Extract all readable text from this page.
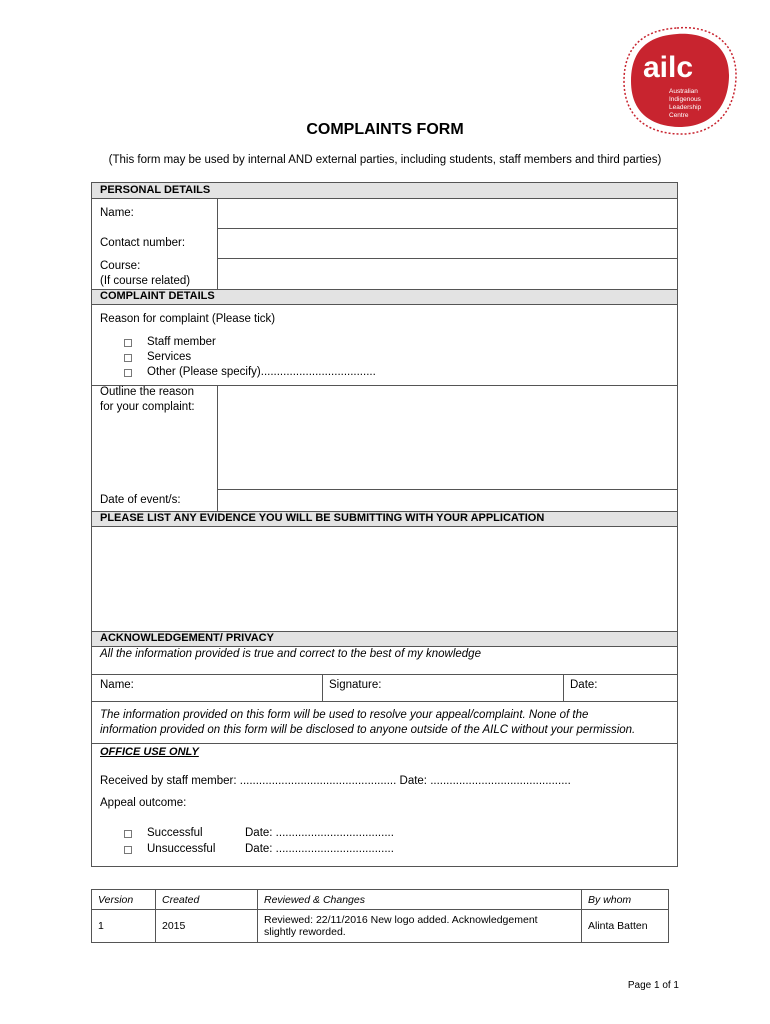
ailc
Australian
Indigenous
Leadership
Centre
COMPLAINTS FORM
(This form may be used by internal AND external parties, including students, staff members and third parties)
PERSONAL DETAILS
Name:
Contact number:
Course:
(If course related)
COMPLAINT DETAILS
Reason for complaint (Please tick)
Staff member
Services
Other (Please specify)....................................
Outline the reason
for your complaint:
Date of event/s:
PLEASE LIST ANY EVIDENCE YOU WILL BE SUBMITTING WITH YOUR APPLICATION
ACKNOWLEDGEMENT/ PRIVACY
All the information provided is true and correct to the best of my knowledge
Name:	Signature:	Date:
The information provided on this form will be used to resolve your appeal/complaint. None of the
information provided on this form will be disclosed to anyone outside of the AILC without your permission.
OFFICE USE ONLY
Received by staff member: ................................................. Date: ............................................
Appeal outcome:
Successful	Date: .....................................
Unsuccessful	Date: .....................................
Version	Created	Reviewed & Changes	By whom
1	2015	Reviewed: 22/11/2016 New logo added. Acknowledgement
slightly reworded.	Alinta Batten
Page 1 of 1
